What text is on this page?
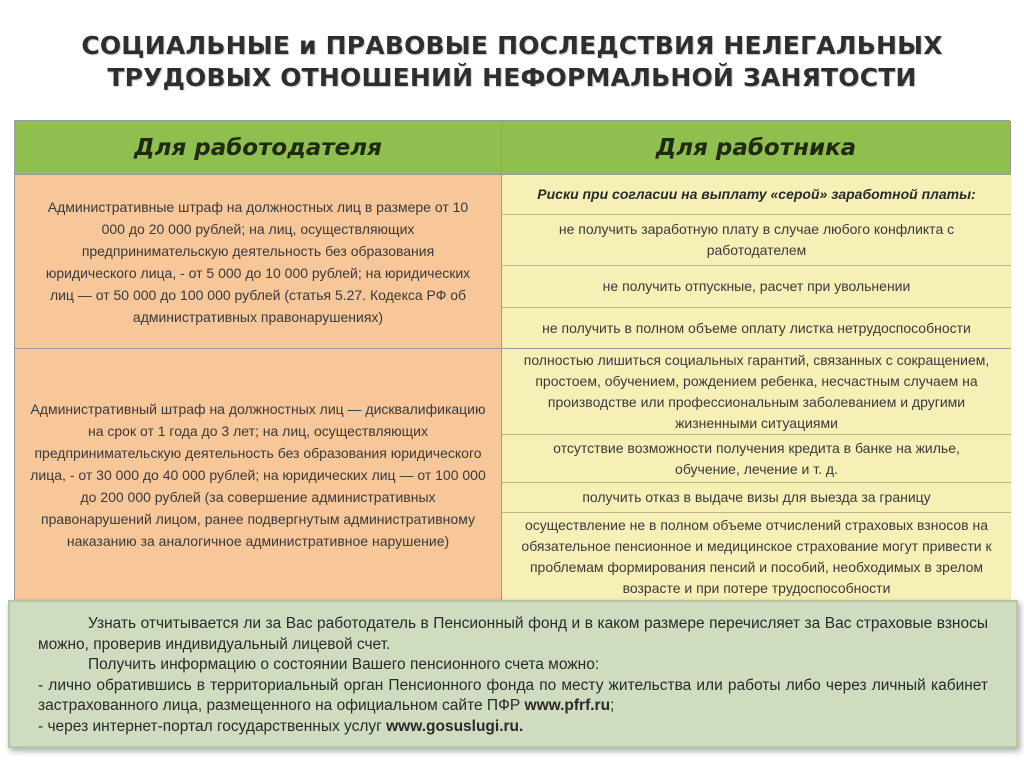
СОЦИАЛЬНЫЕ и ПРАВОВЫЕ ПОСЛЕДСТВИЯ НЕЛЕГАЛЬНЫХ
ТРУДОВЫХ ОТНОШЕНИЙ НЕФОРМАЛЬНОЙ ЗАНЯТОСТИ
Для работодателя	Для работника
Административные штраф на должностных лиц в размере от 10 000 до 20 000 рублей; на лиц, осуществляющих предпринимательскую деятельность без образования юридического лица, - от 5 000 до 10 000 рублей; на юридических лиц — от 50 000 до 100 000 рублей (статья 5.27. Кодекса РФ об административных правонарушениях)
Риски при согласии на выплату «серой» заработной платы:
не получить заработную плату в случае любого конфликта с работодателем
не получить отпускные, расчет при увольнении
не получить в полном объеме оплату листка нетрудоспособности
Административный штраф на должностных лиц — дисквалификацию на срок от 1 года до 3 лет; на лиц, осуществляющих предпринимательскую деятельность без образования юридического лица, - от 30 000 до 40 000 рублей; на юридических лиц — от 100 000 до 200 000 рублей (за совершение административных правонарушений лицом, ранее подвергнутым административному наказанию за аналогичное административное нарушение)
полностью лишиться социальных гарантий, связанных с сокращением, простоем, обучением, рождением ребенка, несчастным случаем на производстве или профессиональным заболеванием и другими жизненными ситуациями
отсутствие возможности получения кредита в банке на жилье, обучение, лечение и т. д.
получить отказ в выдаче визы для выезда за границу
осуществление не в полном объеме отчислений страховых взносов на обязательное пенсионное и медицинское страхование могут привести к проблемам формирования пенсий и пособий, необходимых в зрелом возрасте и при потере трудоспособности

Узнать отчитывается ли за Вас работодатель в Пенсионный фонд и в каком размере перечисляет за Вас страховые взносы можно, проверив индивидуальный лицевой счет.

Получить информацию о состоянии Вашего пенсионного счета можно:

- лично обратившись в территориальный орган Пенсионного фонда по месту жительства или работы либо через личный кабинет застрахованного лица, размещенного на официальном сайте ПФР www.pfrf.ru;

- через интернет-портал государственных услуг www.gosuslugi.ru.
